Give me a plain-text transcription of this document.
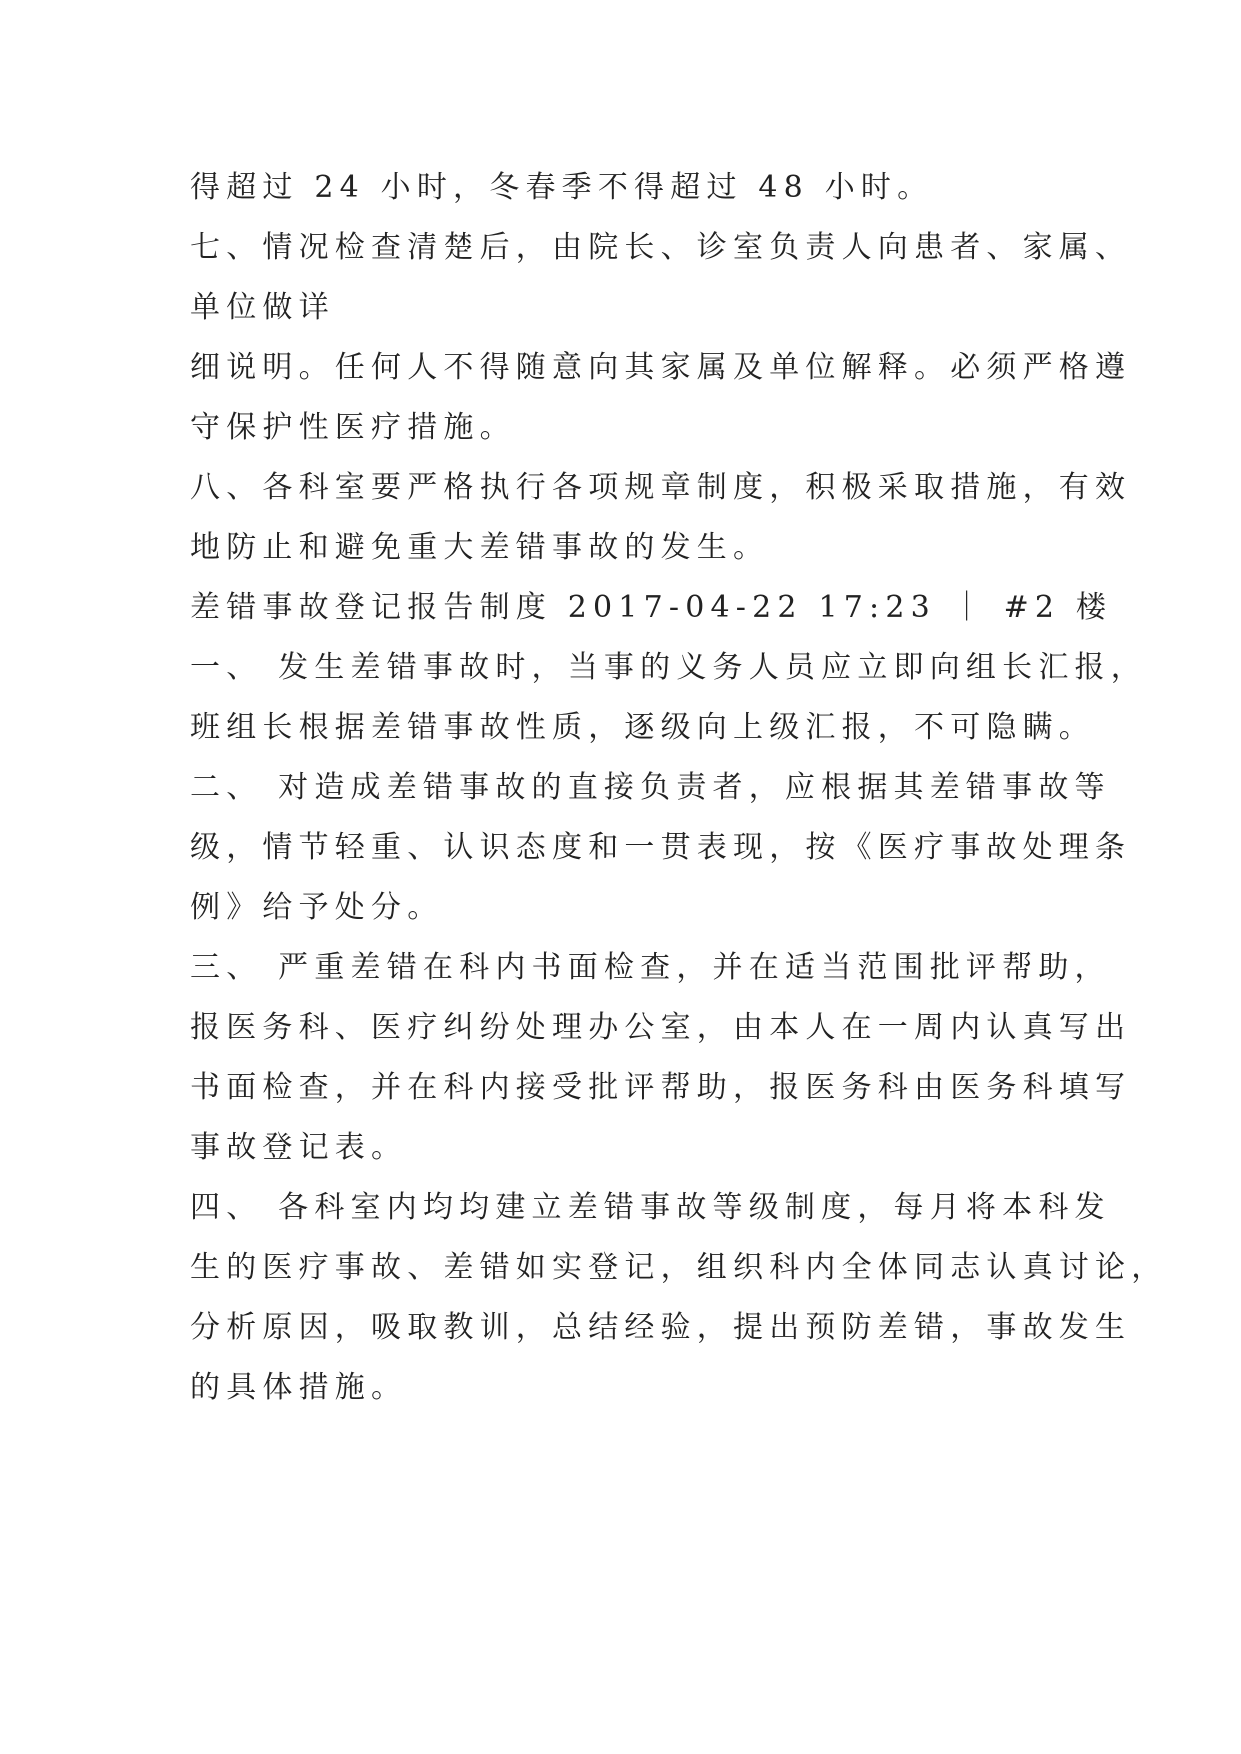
得超过 24 小时，冬春季不得超过 48 小时。

七、情况检查清楚后，由院长、诊室负责人向患者、家属、

单位做详

细说明。任何人不得随意向其家属及单位解释。必须严格遵

守保护性医疗措施。

八、各科室要严格执行各项规章制度，积极采取措施，有效

地防止和避免重大差错事故的发生。

差错事故登记报告制度 2017-04-22 17:23 ｜ #2 楼

一、 发生差错事故时，当事的义务人员应立即向组长汇报，

班组长根据差错事故性质，逐级向上级汇报，不可隐瞒。

二、 对造成差错事故的直接负责者，应根据其差错事故等

级，情节轻重、认识态度和一贯表现，按《医疗事故处理条

例》给予处分。

三、 严重差错在科内书面检查，并在适当范围批评帮助，

报医务科、医疗纠纷处理办公室，由本人在一周内认真写出

书面检查，并在科内接受批评帮助，报医务科由医务科填写

事故登记表。

四、 各科室内均均建立差错事故等级制度，每月将本科发

生的医疗事故、差错如实登记，组织科内全体同志认真讨论，

分析原因，吸取教训，总结经验，提出预防差错，事故发生

的具体措施。
